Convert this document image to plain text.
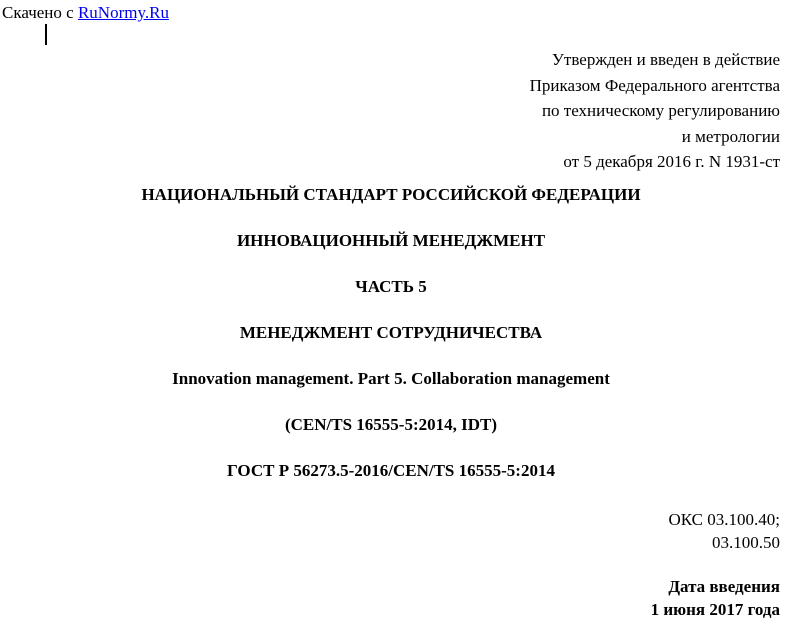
Скачено с RuNormy.Ru
Утвержден и введен в действие
Приказом Федерального агентства
по техническому регулированию
и метрологии
от 5 декабря 2016 г. N 1931-ст
НАЦИОНАЛЬНЫЙ СТАНДАРТ РОССИЙСКОЙ ФЕДЕРАЦИИ
ИННОВАЦИОННЫЙ МЕНЕДЖМЕНТ
ЧАСТЬ 5
МЕНЕДЖМЕНТ СОТРУДНИЧЕСТВА
Innovation management. Part 5. Collaboration management
(CEN/TS 16555-5:2014, IDT)
ГОСТ Р 56273.5-2016/CEN/TS 16555-5:2014
ОКС 03.100.40;
03.100.50
Дата введения
1 июня 2017 года
